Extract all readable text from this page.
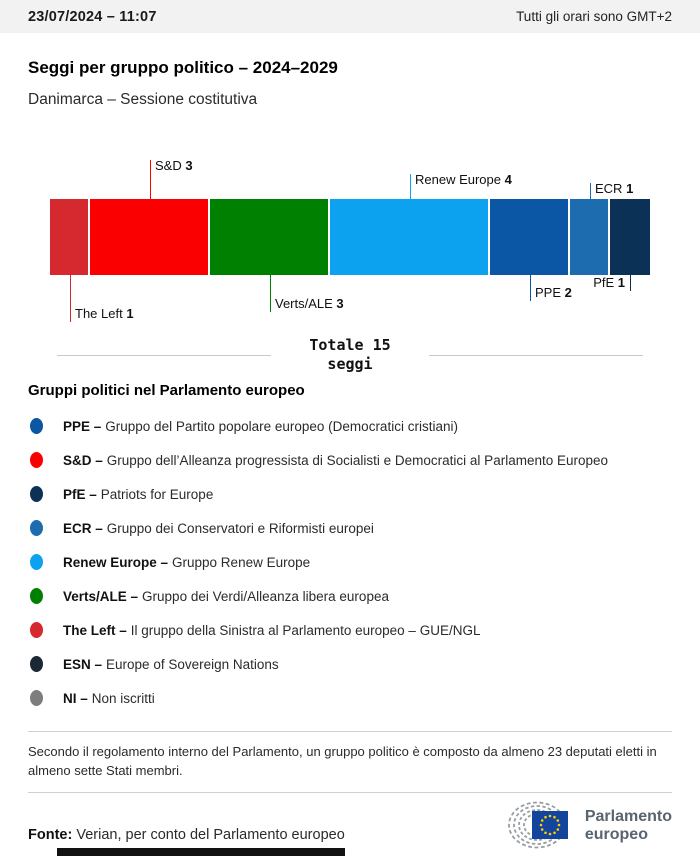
23/07/2024 – 11:07	Tutti gli orari sono GMT+2
Seggi per gruppo politico – 2024–2029
Danimarca – Sessione costitutiva
The Left 1
S&D 3
Verts/ALE 3
Renew Europe 4
PPE 2
ECR 1
PfE 1
Totale 15
seggi
Gruppi politici nel Parlamento europeo
PPE – Gruppo del Partito popolare europeo (Democratici cristiani)
S&D – Gruppo dell’Alleanza progressista di Socialisti e Democratici al Parlamento Europeo
PfE – Patriots for Europe
ECR – Gruppo dei Conservatori e Riformisti europei
Renew Europe – Gruppo Renew Europe
Verts/ALE – Gruppo dei Verdi/Alleanza libera europea
The Left – Il gruppo della Sinistra al Parlamento europeo – GUE/NGL
ESN – Europe of Sovereign Nations
NI – Non iscritti

Secondo il regolamento interno del Parlamento, un gruppo politico è composto da almeno 23 deputati eletti in almeno sette Stati membri.

Fonte: Verian, per conto del Parlamento europeo
Parlamento
europeo
